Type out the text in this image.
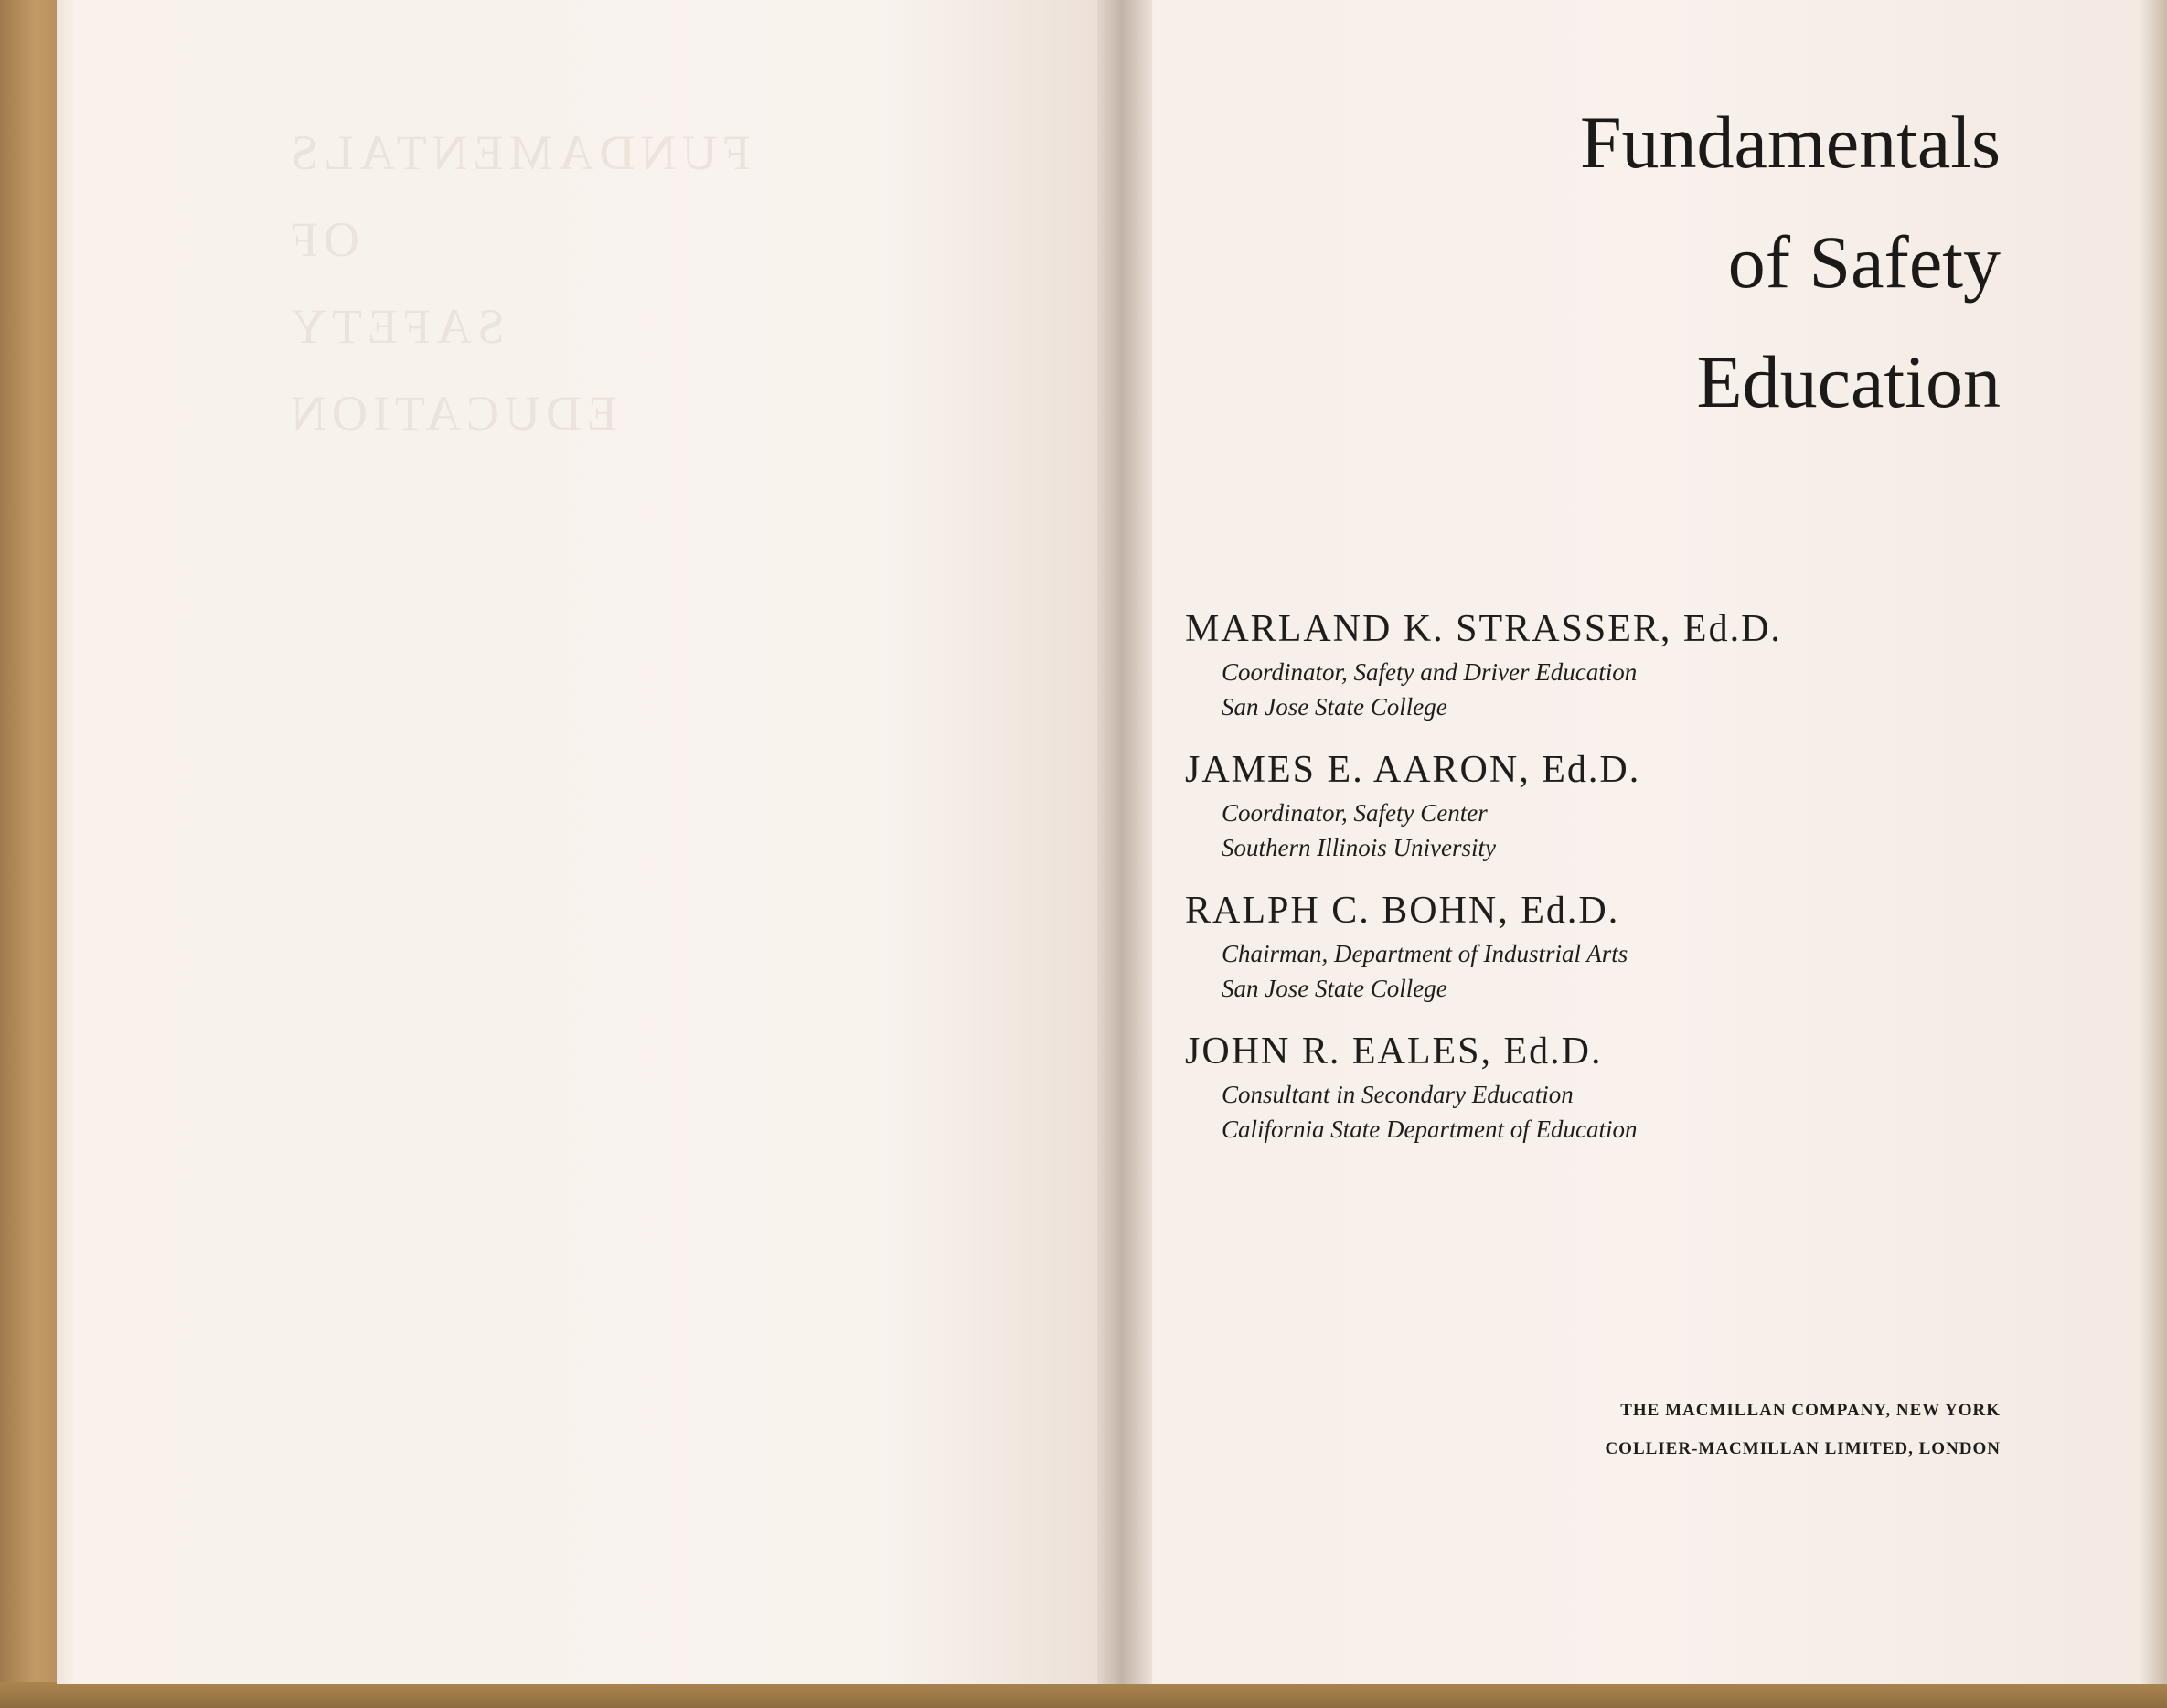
FUNDAMENTALS OF
SAFETY EDUCATION
Fundamentals
of Safety
Education
MARLAND K. STRASSER, Ed.D.
Coordinator, Safety and Driver Education
San Jose State College
JAMES E. AARON, Ed.D.
Coordinator, Safety Center
Southern Illinois University
RALPH C. BOHN, Ed.D.
Chairman, Department of Industrial Arts
San Jose State College
JOHN R. EALES, Ed.D.
Consultant in Secondary Education
California State Department of Education
THE MACMILLAN COMPANY, NEW YORK
COLLIER-MACMILLAN LIMITED, LONDON
